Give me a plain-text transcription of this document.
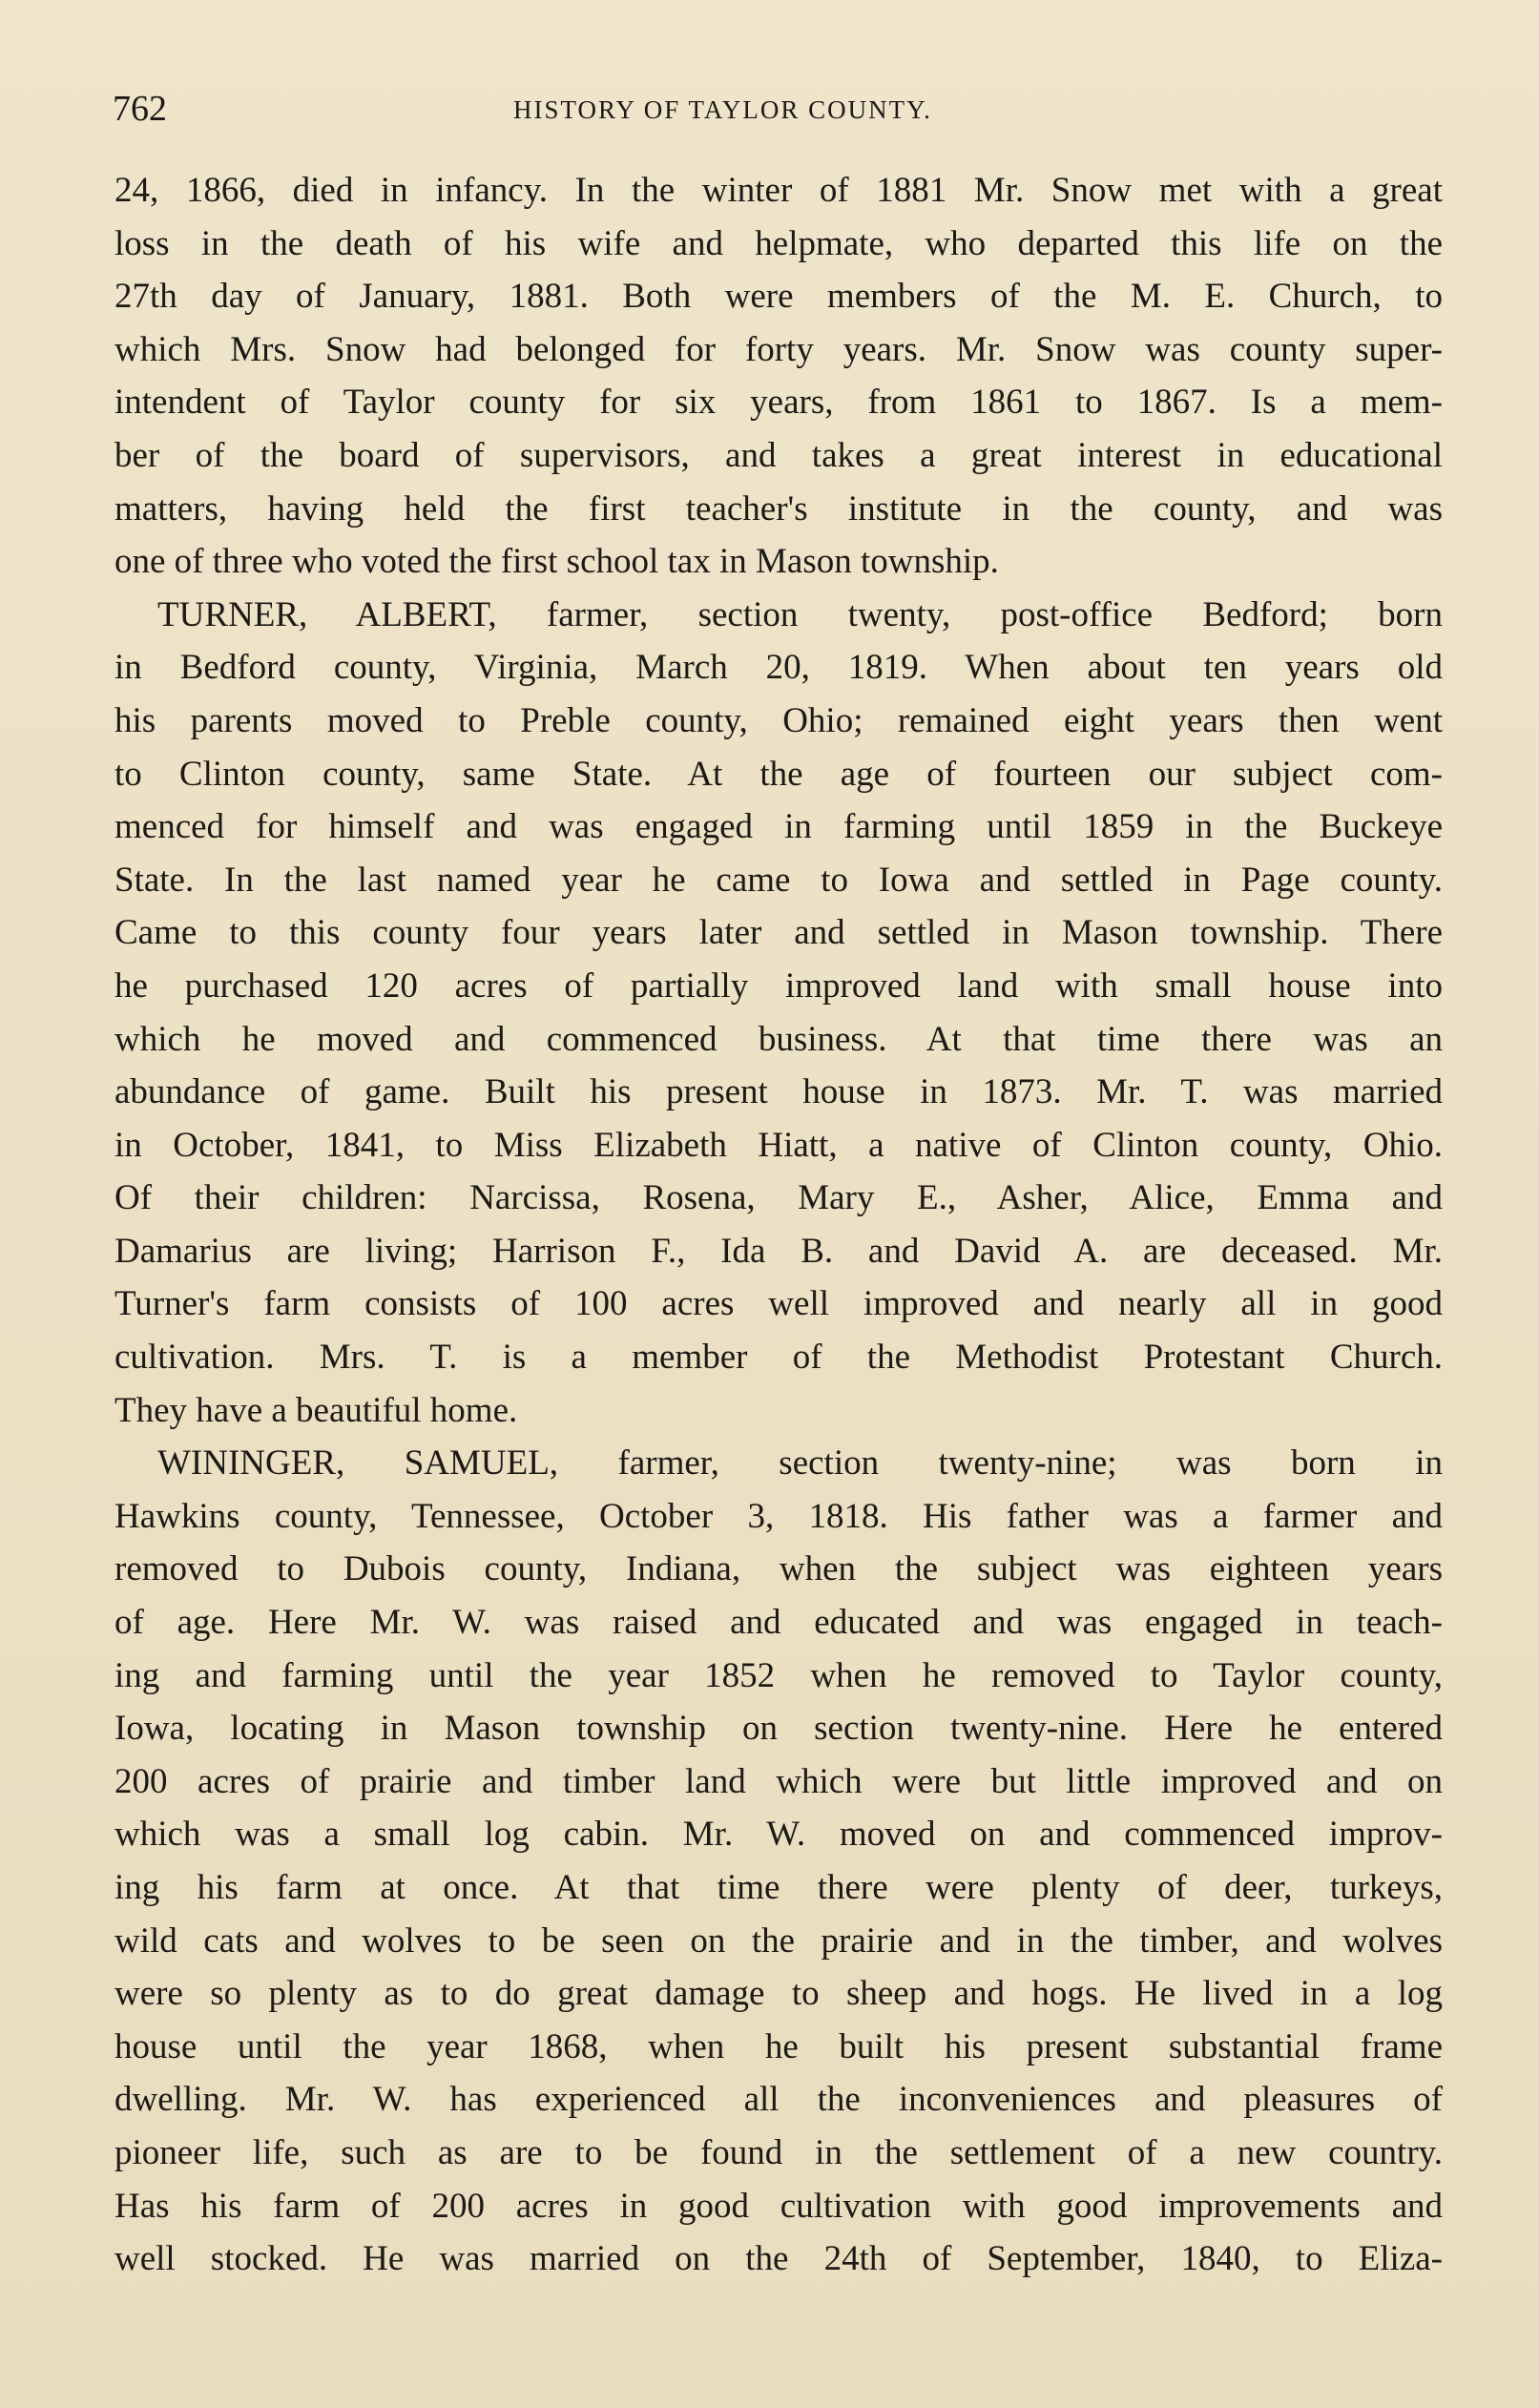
762	HISTORY OF TAYLOR COUNTY.
24, 1866, died in infancy. In the winter of 1881 Mr. Snow met with a great
loss in the death of his wife and helpmate, who departed this life on the
27th day of January, 1881. Both were members of the M. E. Church, to
which Mrs. Snow had belonged for forty years. Mr. Snow was county super-
intendent of Taylor county for six years, from 1861 to 1867. Is a mem-
ber of the board of supervisors, and takes a great interest in educational
matters, having held the first teacher's institute in the county, and was
one of three who voted the first school tax in Mason township.
TURNER, ALBERT, farmer, section twenty, post-office Bedford; born
in Bedford county, Virginia, March 20, 1819. When about ten years old
his parents moved to Preble county, Ohio; remained eight years then went
to Clinton county, same State. At the age of fourteen our subject com-
menced for himself and was engaged in farming until 1859 in the Buckeye
State. In the last named year he came to Iowa and settled in Page county.
Came to this county four years later and settled in Mason township. There
he purchased 120 acres of partially improved land with small house into
which he moved and commenced business. At that time there was an
abundance of game. Built his present house in 1873. Mr. T. was married
in October, 1841, to Miss Elizabeth Hiatt, a native of Clinton county, Ohio.
Of their children: Narcissa, Rosena, Mary E., Asher, Alice, Emma and
Damarius are living; Harrison F., Ida B. and David A. are deceased. Mr.
Turner's farm consists of 100 acres well improved and nearly all in good
cultivation. Mrs. T. is a member of the Methodist Protestant Church.
They have a beautiful home.
WININGER, SAMUEL, farmer, section twenty-nine; was born in
Hawkins county, Tennessee, October 3, 1818. His father was a farmer and
removed to Dubois county, Indiana, when the subject was eighteen years
of age. Here Mr. W. was raised and educated and was engaged in teach-
ing and farming until the year 1852 when he removed to Taylor county,
Iowa, locating in Mason township on section twenty-nine. Here he entered
200 acres of prairie and timber land which were but little improved and on
which was a small log cabin. Mr. W. moved on and commenced improv-
ing his farm at once. At that time there were plenty of deer, turkeys,
wild cats and wolves to be seen on the prairie and in the timber, and wolves
were so plenty as to do great damage to sheep and hogs. He lived in a log
house until the year 1868, when he built his present substantial frame
dwelling. Mr. W. has experienced all the inconveniences and pleasures of
pioneer life, such as are to be found in the settlement of a new country.
Has his farm of 200 acres in good cultivation with good improvements and
well stocked. He was married on the 24th of September, 1840, to Eliza-
